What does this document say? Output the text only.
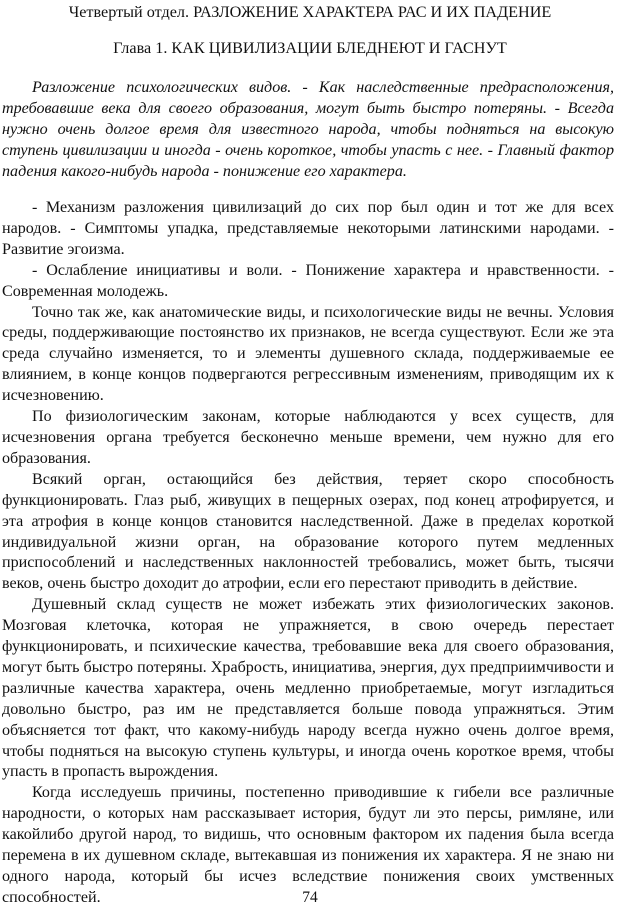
Четвертый отдел. РАЗЛОЖЕНИЕ ХАРАКТЕРА РАС И ИХ ПАДЕНИЕ
Глава 1. КАК ЦИВИЛИЗАЦИИ БЛЕДНЕЮТ И ГАСНУТ

Разложение психологических видов. - Как наследственные предрасположения, требовавшие века для своего образования, могут быть быстро потеряны. - Всегда нужно очень долгое время для известного народа, чтобы подняться на высокую ступень цивилизации и иногда - очень короткое, чтобы упасть с нее. - Главный фактор падения какого-нибудь народа - понижение его характера.

- Механизм разложения цивилизаций до сих пор был один и тот же для всех народов. - Симптомы упадка, представляемые некоторыми латинскими народами. - Развитие эгоизма.

- Ослабление инициативы и воли. - Понижение характера и нравственности. - Современная молодежь.

Точно так же, как анатомические виды, и психологические виды не вечны. Условия среды, поддерживающие постоянство их признаков, не всегда существуют. Если же эта среда случайно изменяется, то и элементы душевного склада, поддерживаемые ее влиянием, в конце концов подвергаются регрессивным изменениям, приводящим их к исчезновению.

По физиологическим законам, которые наблюдаются у всех существ, для исчезновения органа требуется бесконечно меньше времени, чем нужно для его образования.

Всякий орган, остающийся без действия, теряет скоро способность функционировать. Глаз рыб, живущих в пещерных озерах, под конец атрофируется, и эта атрофия в конце концов становится наследственной. Даже в пределах короткой индивидуальной жизни орган, на образование которого путем медленных приспособлений и наследственных наклонностей требовались, может быть, тысячи веков, очень быстро доходит до атрофии, если его перестают приводить в действие.

Душевный склад существ не может избежать этих физиологических законов. Мозговая клеточка, которая не упражняется, в свою очередь перестает функционировать, и психические качества, требовавшие века для своего образования, могут быть быстро потеряны. Храбрость, инициатива, энергия, дух предприимчивости и различные качества характера, очень медленно приобретаемые, могут изгладиться довольно быстро, раз им не представляется больше повода упражняться. Этим объясняется тот факт, что какому-нибудь народу всегда нужно очень долгое время, чтобы подняться на высокую ступень культуры, и иногда очень короткое время, чтобы упасть в пропасть вырождения.

Когда исследуешь причины, постепенно приводившие к гибели все различные народности, о которых нам рассказывает история, будут ли это персы, римляне, или какойлибо другой народ, то видишь, что основным фактором их падения была всегда перемена в их душевном складе, вытекавшая из понижения их характера. Я не знаю ни одного народа, который бы исчез вследствие понижения своих умственных способностей.	74
